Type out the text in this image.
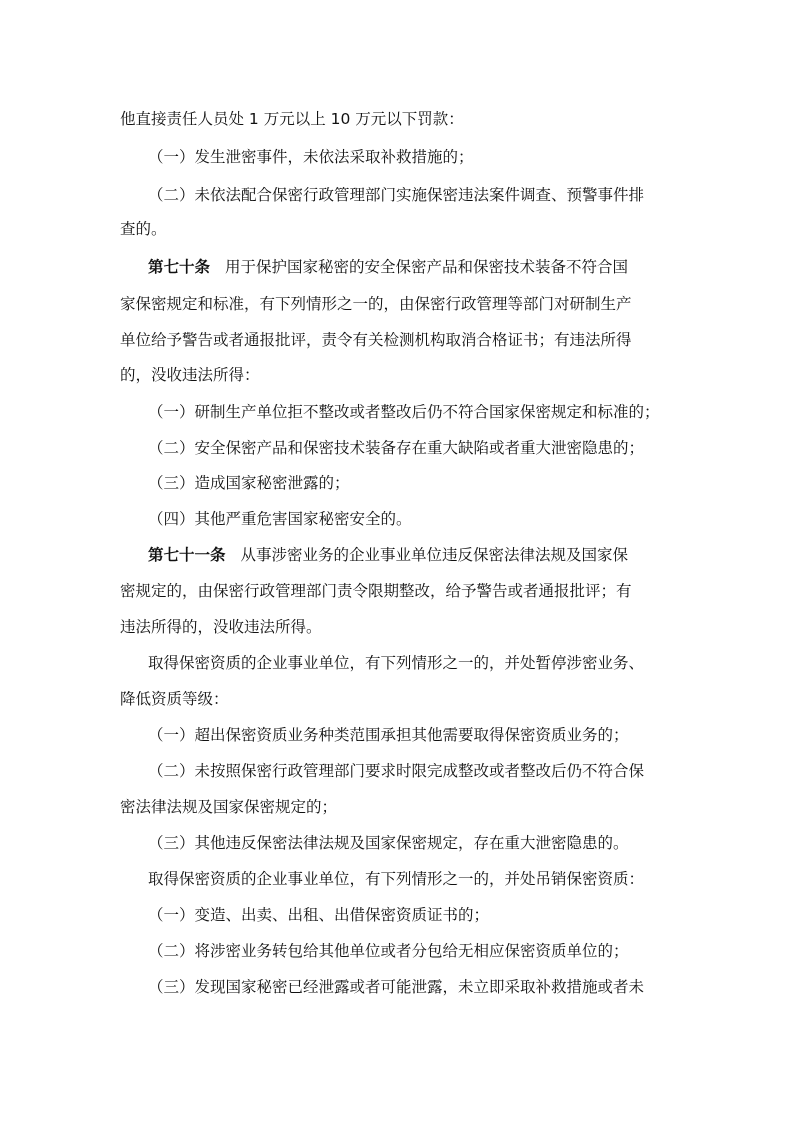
他直接责任人员处 1 万元以上 10 万元以下罚款：
（一）发生泄密事件，未依法采取补救措施的；
（二）未依法配合保密行政管理部门实施保密违法案件调查、预警事件排
查的。
第七十条 用于保护国家秘密的安全保密产品和保密技术装备不符合国
家保密规定和标准，有下列情形之一的，由保密行政管理等部门对研制生产
单位给予警告或者通报批评，责令有关检测机构取消合格证书；有违法所得
的，没收违法所得：
（一）研制生产单位拒不整改或者整改后仍不符合国家保密规定和标准的；
（二）安全保密产品和保密技术装备存在重大缺陷或者重大泄密隐患的；
（三）造成国家秘密泄露的；
（四）其他严重危害国家秘密安全的。
第七十一条 从事涉密业务的企业事业单位违反保密法律法规及国家保
密规定的，由保密行政管理部门责令限期整改，给予警告或者通报批评；有
违法所得的，没收违法所得。
取得保密资质的企业事业单位，有下列情形之一的，并处暂停涉密业务、
降低资质等级：
（一）超出保密资质业务种类范围承担其他需要取得保密资质业务的；
（二）未按照保密行政管理部门要求时限完成整改或者整改后仍不符合保
密法律法规及国家保密规定的；
（三）其他违反保密法律法规及国家保密规定，存在重大泄密隐患的。
取得保密资质的企业事业单位，有下列情形之一的，并处吊销保密资质：
（一）变造、出卖、出租、出借保密资质证书的；
（二）将涉密业务转包给其他单位或者分包给无相应保密资质单位的；
（三）发现国家秘密已经泄露或者可能泄露，未立即采取补救措施或者未
